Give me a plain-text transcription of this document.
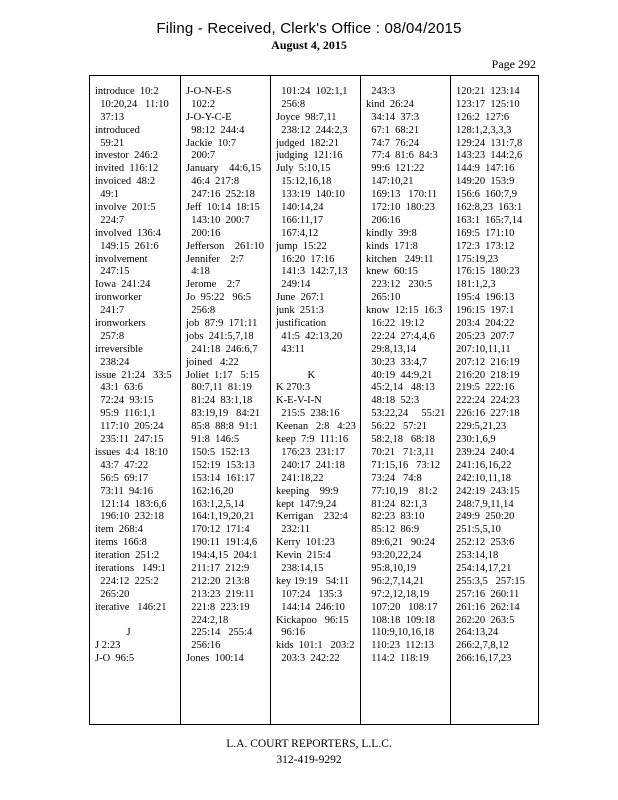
Filing - Received, Clerk's Office : 08/04/2015
August 4, 2015
Page 292
introduce  10:2
10:20,24   11:10
37:13
introduced
59:21
investor  246:2
invited  116:12
invoiced  48:2
49:1
involve  201:5
224:7
involved  136:4
149:15  261:6
involvement
247:15
Iowa  241:24
ironworker
241:7
ironworkers
257:8
irreversible
238:24
issue  21:24   33:5
43:1  63:6
72:24  93:15
95:9  116:1,1
117:10  205:24
235:11  247:15
issues  4:4  18:10
43:7  47:22
56:5  69:17
73:11  94:16
121:14  183:6,6
196:10  232:18
item  268:4
items  166:8
iteration  251:2
iterations   149:1
224:12  225:2
265:20
iterative   146:21
J
J 2:23
J-O  96:5
J-O-N-E-S
102:2
J-O-Y-C-E
98:12  244:4
Jackie  10:7
200:7
January    44:6,15
46:4  217:8
247:16  252:18
Jeff  10:14  18:15
143:10  200:7
200:16
Jefferson    261:10
Jennifer    2:7
4:18
Jerome    2:7
Jo  95:22   96:5
256:8
job  87:9  171:11
jobs  241:5,7,18
241:18  246:6,7
joined   4:22
Joliet  1:17   5:15
80:7,11  81:19
81:24  83:1,18
83:19,19   84:21
85:8  88:8  91:1
91:8  146:5
150:5  152:13
152:19  153:13
153:14  161:17
162:16,20
163:1,2,5,14
164:1,19,20,21
170:12  171:4
190:11  191:4,6
194:4,15  204:1
211:17  212:9
212:20  213:8
213:23  219:11
221:8  223:19
224:2,18
225:14   255:4
256:16
Jones  100:14
101:24  102:1,1
256:8
Joyce  98:7,11
238:12  244:2,3
judged  182:21
judging  121:16
July  5:10,15
15:12,16,18
133:19  140:10
140:14,24
166:11,17
167:4,12
jump  15:22
16:20  17:16
141:3  142:7,13
249:14
June  267:1
junk  251:3
justification
41:5  42:13,20
43:11
K
K 270:3
K-E-V-I-N
215:5  238:16
Keenan   2:8   4:23
keep  7:9  111:16
176:23  231:17
240:17  241:18
241:18,22
keeping    99:9
kept  147:9,24
Kerrigan    232:4
232:11
Kerry  101:23
Kevin  215:4
238:14,15
key 19:19   54:11
107:24   135:3
144:14  246:10
Kickapoo   96:15
96:16
kids  101:1   203:2
203:3  242:22
243:3
kind  26:24
34:14  37:3
67:1  68:21
74:7  76:24
77:4  81:6  84:3
99:6  121:22
147:10,21
169:13   170:11
172:10  180:23
206:16
kindly  39:8
kinds  171:8
kitchen   249:11
knew  60:15
223:12   230:5
265:10
know  12:15  16:3
16:22  19:12
22:24  27:4,4,6
29:8,13,14
30:23  33:4,7
40:19  44:9,21
45:2,14   48:13
48:18  52:3
53:22,24     55:21
56:22   57:21
58:2,18   68:18
70:21   71:3,11
71:15,16   73:12
73:24   74:8
77:10,19    81:2
81:24  82:1,3
82:23  83:10
85:12  86:9
89:6,21   90:24
93:20,22,24
95:8,10,19
96:2,7,14,21
97:2,12,18,19
107:20   108:17
108:18  109:18
110:9,10,16,18
110:23  112:13
114:2  118:19
120:21  123:14
123:17  125:10
126:2  127:6
128:1,2,3,3,3
129:24  131:7,8
143:23  144:2,6
144:9  147:16
149:20  153:9
156:6  160:7,9
162:8,23  163:1
163:1  165:7,14
169:5  171:10
172:3  173:12
175:19,23
176:15  180:23
181:1,2,3
195:4  196:13
196:15  197:1
203:4  204:22
205:23  207:7
207:10,11,11
207:12  216:19
216:20  218:19
219:5  222:16
222:24  224:23
226:16  227:18
229:5,21,23
230:1,6,9
239:24  240:4
241:16,16,22
242:10,11,18
242:19  243:15
248:7,9,11,14
249:9  250:20
251:5,5,10
252:12  253:6
253:14,18
254:14,17,21
255:3,5   257:15
257:16  260:11
261:16  262:14
262:20  263:5
264:13,24
266:2,7,8,12
266:16,17,23
L.A. COURT REPORTERS, L.L.C.
312-419-9292
